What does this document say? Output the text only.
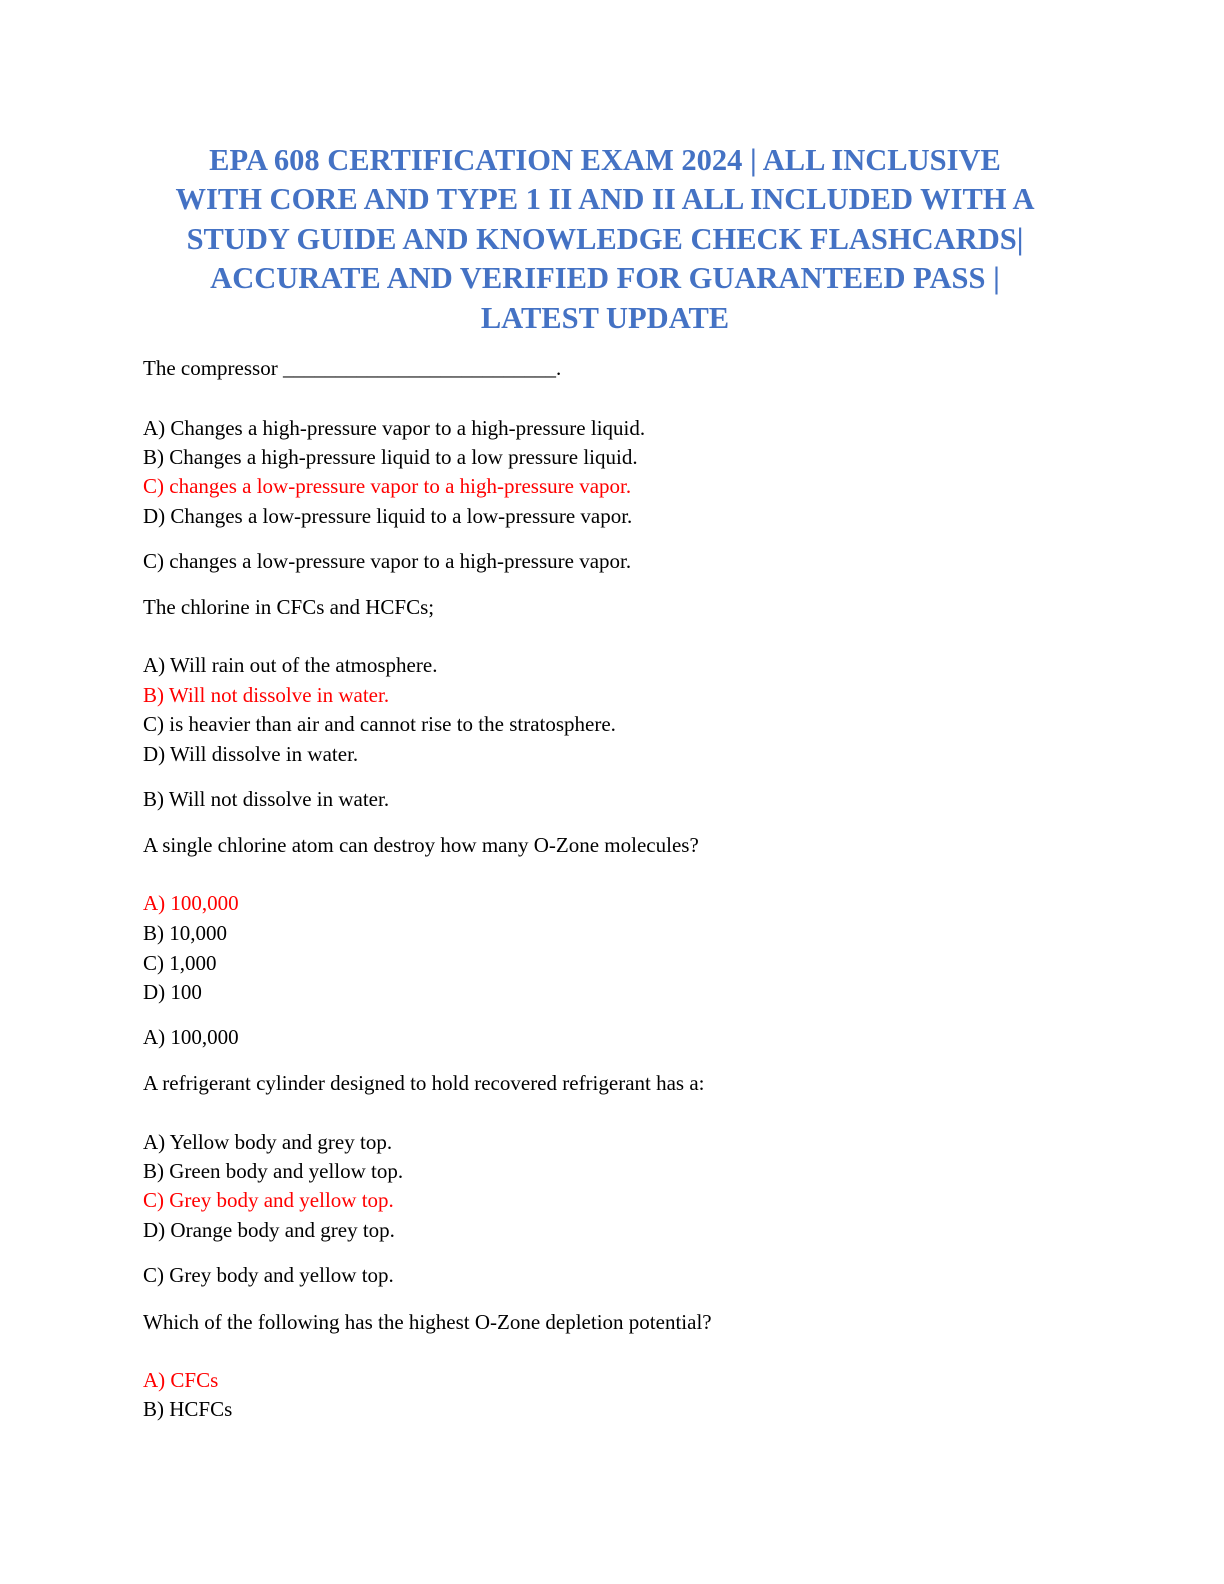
EPA 608 CERTIFICATION EXAM 2024 | ALL INCLUSIVE
WITH CORE AND TYPE 1 II AND II ALL INCLUDED WITH A
STUDY GUIDE AND KNOWLEDGE CHECK FLASHCARDS|
ACCURATE AND VERIFIED FOR GUARANTEED PASS |
LATEST UPDATE

The compressor __________________________.

A) Changes a high-pressure vapor to a high-pressure liquid.

B) Changes a high-pressure liquid to a low pressure liquid.

C) changes a low-pressure vapor to a high-pressure vapor.

D) Changes a low-pressure liquid to a low-pressure vapor.

C) changes a low-pressure vapor to a high-pressure vapor.

The chlorine in CFCs and HCFCs;

A) Will rain out of the atmosphere.

B) Will not dissolve in water.

C) is heavier than air and cannot rise to the stratosphere.

D) Will dissolve in water.

B) Will not dissolve in water.

A single chlorine atom can destroy how many O-Zone molecules?

A) 100,000

B) 10,000

C) 1,000

D) 100

A) 100,000

A refrigerant cylinder designed to hold recovered refrigerant has a:

A) Yellow body and grey top.

B) Green body and yellow top.

C) Grey body and yellow top.

D) Orange body and grey top.

C) Grey body and yellow top.

Which of the following has the highest O-Zone depletion potential?

A) CFCs

B) HCFCs
